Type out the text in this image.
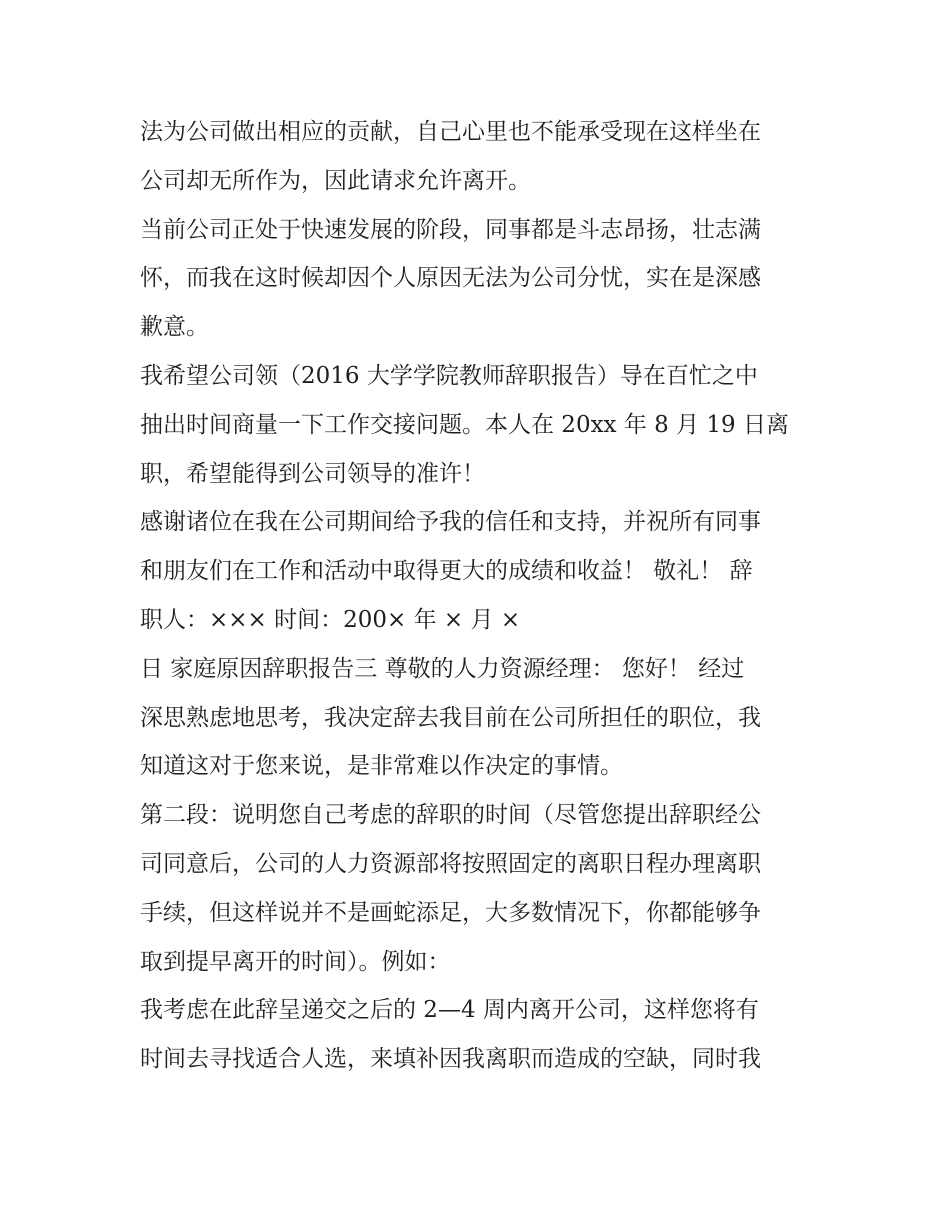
法为公司做出相应的贡献，自己心里也不能承受现在这样坐在
公司却无所作为，因此请求允许离开。
当前公司正处于快速发展的阶段，同事都是斗志昂扬，壮志满
怀，而我在这时候却因个人原因无法为公司分忧，实在是深感
歉意。
我希望公司领（2016 大学学院教师辞职报告）导在百忙之中
抽出时间商量一下工作交接问题。本人在 20xx 年 8 月 19 日离
职，希望能得到公司领导的准许！
感谢诸位在我在公司期间给予我的信任和支持，并祝所有同事
和朋友们在工作和活动中取得更大的成绩和收益！ 敬礼！ 辞
职人：××× 时间：200× 年 × 月 ×
日 家庭原因辞职报告三 尊敬的人力资源经理： 您好！ 经过
深思熟虑地思考，我决定辞去我目前在公司所担任的职位，我
知道这对于您来说，是非常难以作决定的事情。
第二段：说明您自己考虑的辞职的时间（尽管您提出辞职经公
司同意后，公司的人力资源部将按照固定的离职日程办理离职
手续，但这样说并不是画蛇添足，大多数情况下，你都能够争
取到提早离开的时间）。例如：
我考虑在此辞呈递交之后的 2—4 周内离开公司，这样您将有
时间去寻找适合人选，来填补因我离职而造成的空缺，同时我
